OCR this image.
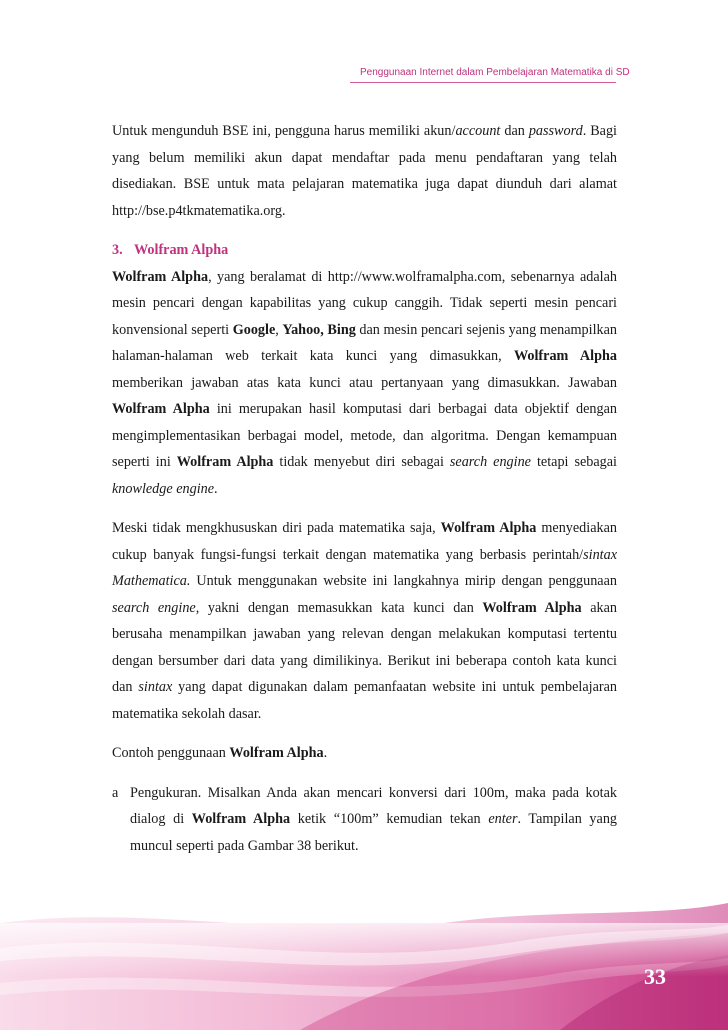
Penggunaan Internet dalam Pembelajaran Matematika di SD

Untuk mengunduh BSE ini, pengguna harus memiliki akun/account dan password. Bagi yang belum memiliki akun dapat mendaftar pada menu pendaftaran yang telah disediakan. BSE untuk mata pelajaran matematika juga dapat diunduh dari alamat http://bse.p4tkmatematika.org.

3. Wolfram Alpha

Wolfram Alpha, yang beralamat di http://www.wolframalpha.com, sebenarnya adalah mesin pencari dengan kapabilitas yang cukup canggih. Tidak seperti mesin pencari konvensional seperti Google, Yahoo, Bing dan mesin pencari sejenis yang menampilkan halaman-halaman web terkait kata kunci yang dimasukkan, Wolfram Alpha memberikan jawaban atas kata kunci atau pertanyaan yang dimasukkan. Jawaban Wolfram Alpha ini merupakan hasil komputasi dari berbagai data objektif dengan mengimplementasikan berbagai model, metode, dan algoritma. Dengan kemampuan seperti ini Wolfram Alpha tidak menyebut diri sebagai search engine tetapi sebagai knowledge engine.

Meski tidak mengkhususkan diri pada matematika saja, Wolfram Alpha menyediakan cukup banyak fungsi-fungsi terkait dengan matematika yang berbasis perintah/sintax Mathematica. Untuk menggunakan website ini langkahnya mirip dengan penggunaan search engine, yakni dengan memasukkan kata kunci dan Wolfram Alpha akan berusaha menampilkan jawaban yang relevan dengan melakukan komputasi tertentu dengan bersumber dari data yang dimilikinya. Berikut ini beberapa contoh kata kunci dan sintax yang dapat digunakan dalam pemanfaatan website ini untuk pembelajaran matematika sekolah dasar.

Contoh penggunaan Wolfram Alpha.

a Pengukuran. Misalkan Anda akan mencari konversi dari 100m, maka pada kotak dialog di Wolfram Alpha ketik “100m” kemudian tekan enter. Tampilan yang muncul seperti pada Gambar 38 berikut.

33
